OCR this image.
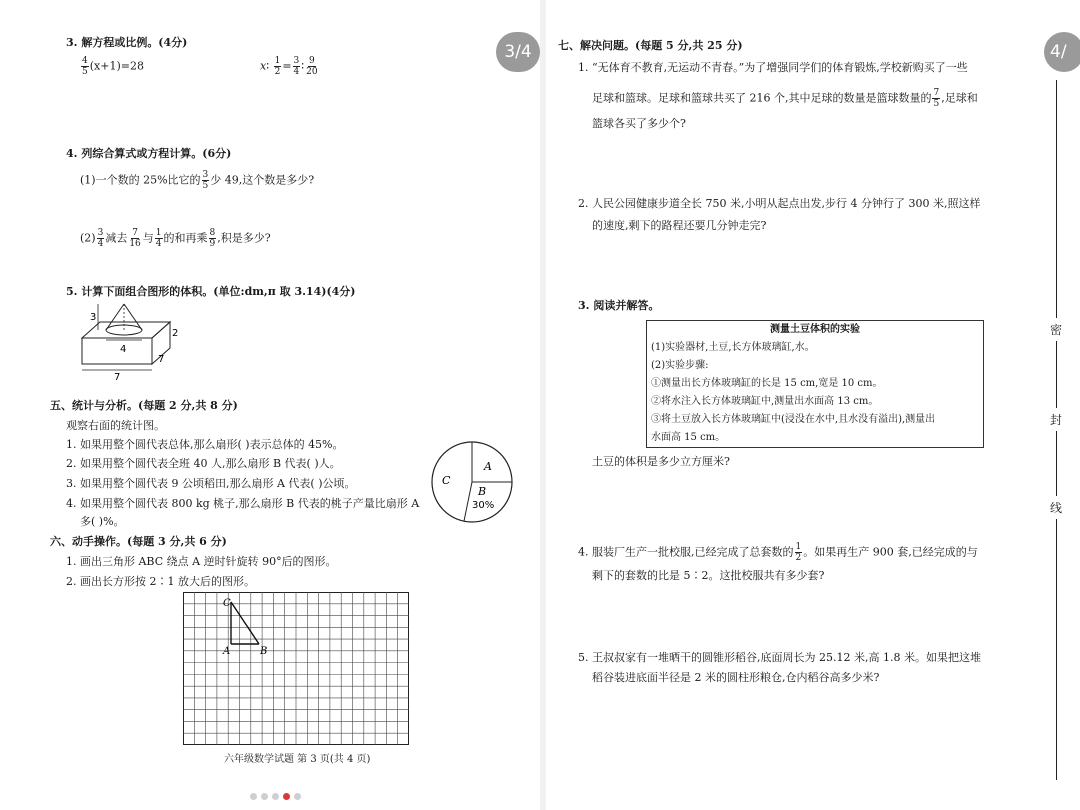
3/4
3. 解方程或比例。(4分)
$\frac{4}{5} (x+1)=28$	x∶ $\frac{1}{2} = \frac{3}{4}$ ∶ $\frac{9}{20}$
4. 列综合算式或方程计算。(6分)
(1)一个数的 25%比它的 $\frac{3}{5}$ 少 49,这个数是多少?
$(2) \frac{3}{4}$ 减去 $\frac{7}{16}$ 与 $\frac{1}{4}$ 的和再乘 $\frac{8}{9}$ ,积是多少?
5. 计算下面组合图形的体积。(单位:dm,π 取 3.14)(4分)
3
2
4
7
7
五、统计与分析。(每题 2 分,共 8 分)
观察右面的统计图。
1. 如果用整个圆代表总体,那么扇形( )表示总体的 45%。
2. 如果用整个圆代表全班 40 人,那么扇形 B 代表( )人。
3. 如果用整个圆代表 9 公顷稻田,那么扇形 A 代表( )公顷。
4. 如果用整个圆代表 800 kg 桃子,那么扇形 B 代表的桃子产量比扇形 A
多( )%。
C
A
B
30%
六、动手操作。(每题 3 分,共 6 分)
1. 画出三角形 ABC 绕点 A 逆时针旋转 90°后的图形。
2. 画出长方形按 2∶1 放大后的图形。
C
A	B
六年级数学试题 第 3 页(共 4 页)
4/
七、解决问题。(每题 5 分,共 25 分)
1. “无体育不教育,无运动不青春。”为了增强同学们的体育锻炼,学校新购买了一些
足球和篮球。足球和篮球共买了 216 个,其中足球的数量是篮球数量的 $\frac{7}{5}$ ,足球和
篮球各买了多少个?
2. 人民公园健康步道全长 750 米,小明从起点出发,步行 4 分钟行了 300 米,照这样
的速度,剩下的路程还要几分钟走完?
3. 阅读并解答。
测量土豆体积的实验
(1)实验器材,土豆,长方体玻璃缸,水。
(2)实验步骤:
①测量出长方体玻璃缸的长是 15 cm,宽是 10 cm。
②将水注入长方体玻璃缸中,测量出水面高 13 cm。
③将土豆放入长方体玻璃缸中(浸没在水中,且水没有溢出),测量出
水面高 15 cm。
土豆的体积是多少立方厘米?
4. 服装厂生产一批校服,已经完成了总套数的 $\frac{1}{2}$ 。如果再生产 900 套,已经完成的与
剩下的套数的比是 5∶2。这批校服共有多少套?
5. 王叔叔家有一堆晒干的圆锥形稻谷,底面周长为 25.12 米,高 1.8 米。如果把这堆
稻谷装进底面半径是 2 米的圆柱形粮仓,仓内稻谷高多少米?
密
封
线
